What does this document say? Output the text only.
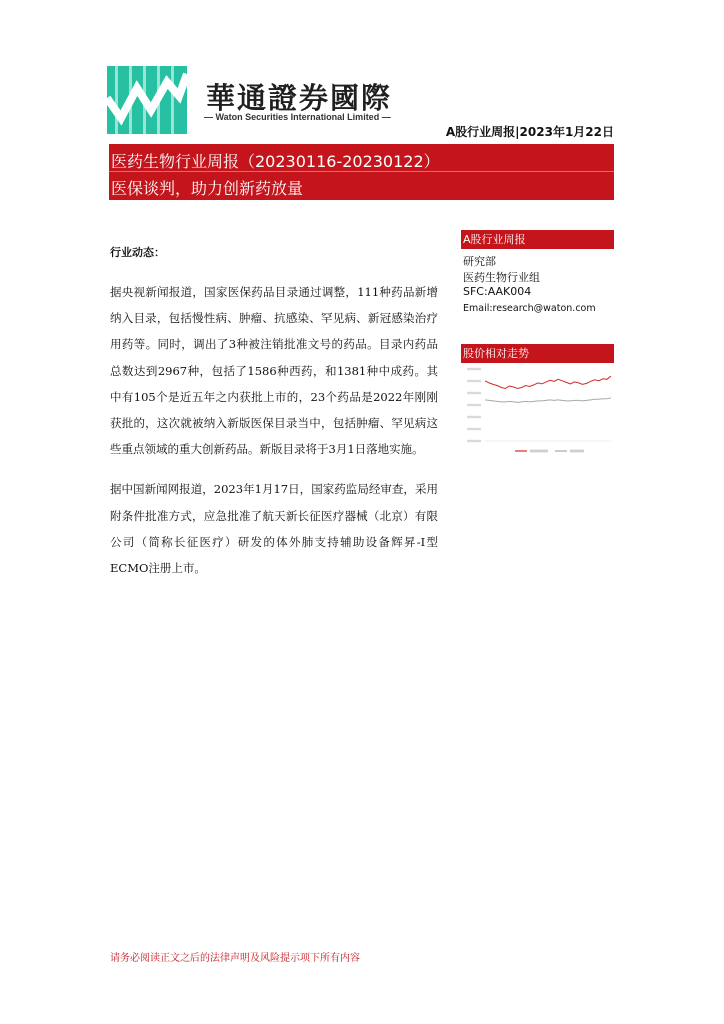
華通證券國際
— Waton Securities International Limited —
A股行业周报|2023年1月22日
医药生物行业周报（20230116-20230122）
医保谈判，助力创新药放量
行业动态：

据央视新闻报道，国家医保药品目录通过调整，111种药品新增纳入目录，包括慢性病、肿瘤、抗感染、罕见病、新冠感染治疗用药等。同时，调出了3种被注销批准文号的药品。目录内药品总数达到2967种，包括了1586种西药，和1381种中成药。其中有105个是近五年之内获批上市的，23个药品是2022年刚刚获批的，这次就被纳入新版医保目录当中，包括肿瘤、罕见病这些重点领域的重大创新药品。新版目录将于3月1日落地实施。

据中国新闻网报道，2023年1月17日，国家药监局经审查，采用附条件批准方式，应急批准了航天新长征医疗器械（北京）有限公司（简称长征医疗）研发的体外肺支持辅助设备辉昇-I型ECMO注册上市。

A股行业周报
研究部
医药生物行业组
SFC:AAK004
Email:research@waton.com
股价相对走势
请务必阅读正文之后的法律声明及风险提示项下所有内容
